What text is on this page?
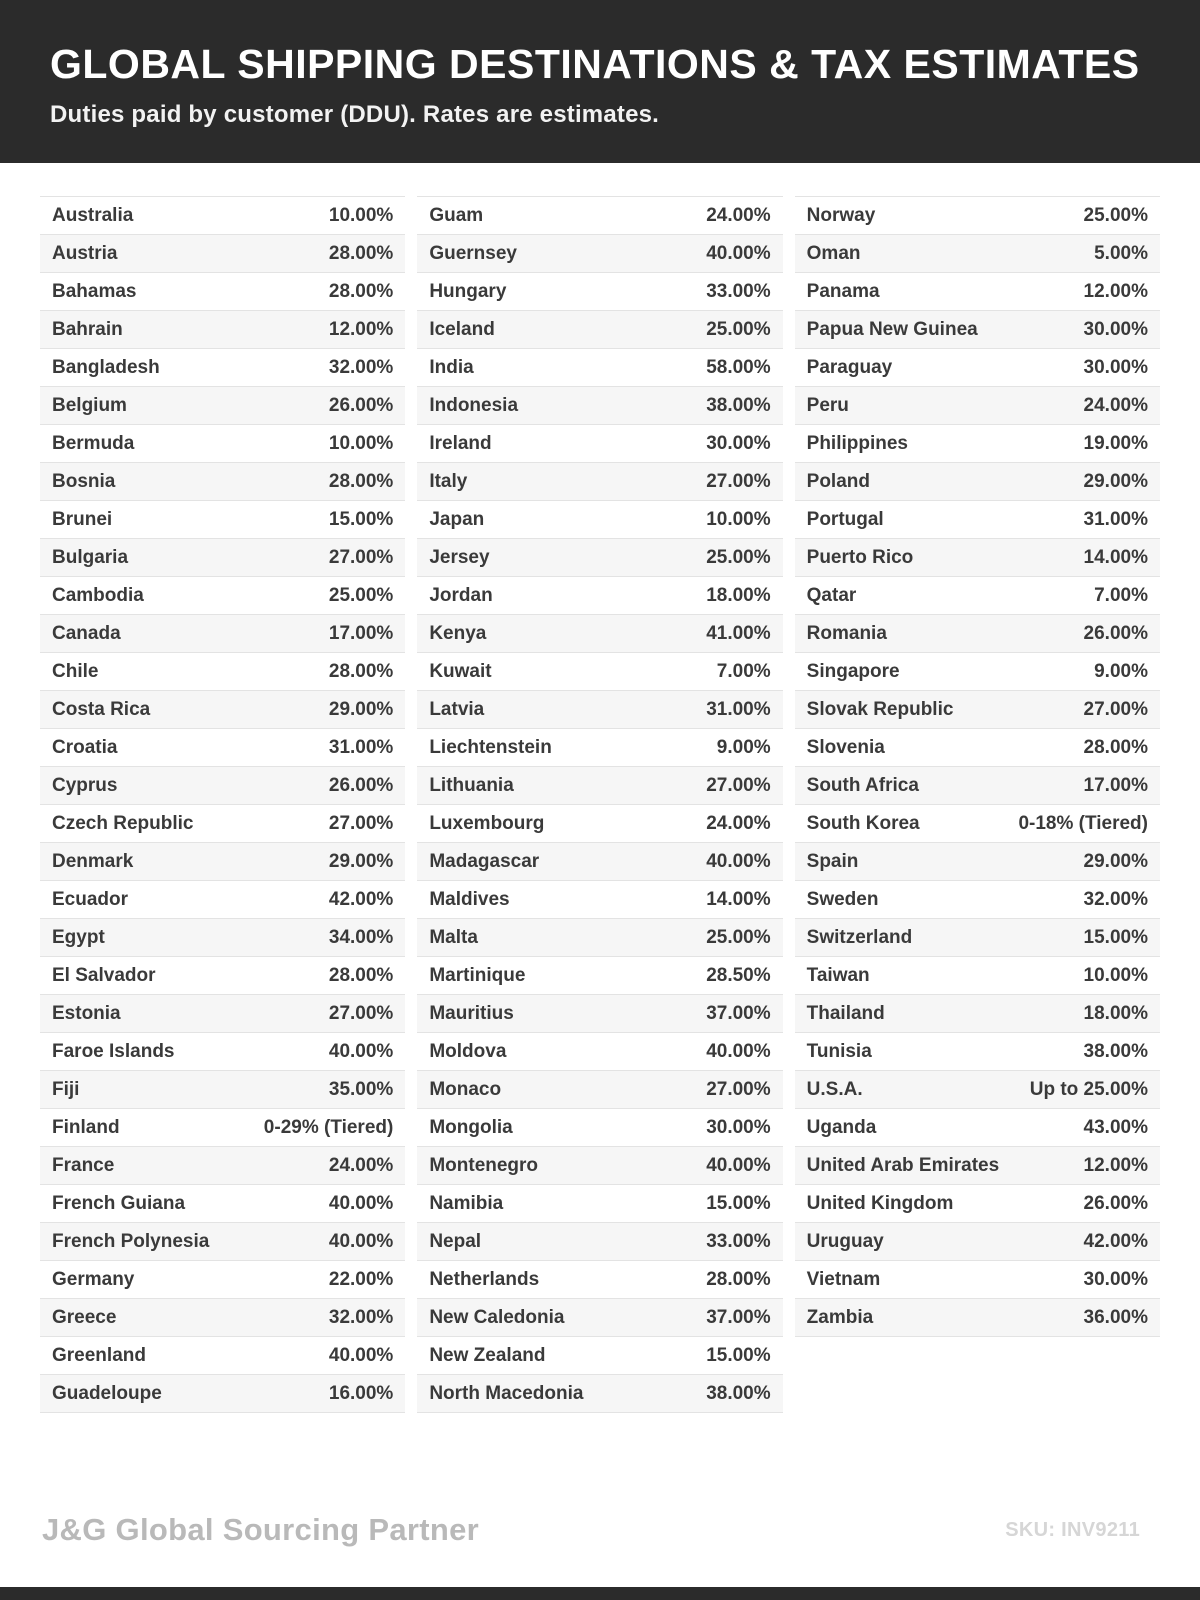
GLOBAL SHIPPING DESTINATIONS & TAX ESTIMATES
Duties paid by customer (DDU). Rates are estimates.
Australia	10.00%
Austria	28.00%
Bahamas	28.00%
Bahrain	12.00%
Bangladesh	32.00%
Belgium	26.00%
Bermuda	10.00%
Bosnia	28.00%
Brunei	15.00%
Bulgaria	27.00%
Cambodia	25.00%
Canada	17.00%
Chile	28.00%
Costa Rica	29.00%
Croatia	31.00%
Cyprus	26.00%
Czech Republic	27.00%
Denmark	29.00%
Ecuador	42.00%
Egypt	34.00%
El Salvador	28.00%
Estonia	27.00%
Faroe Islands	40.00%
Fiji	35.00%
Finland	0-29% (Tiered)
France	24.00%
French Guiana	40.00%
French Polynesia	40.00%
Germany	22.00%
Greece	32.00%
Greenland	40.00%
Guadeloupe	16.00%
Guam	24.00%
Guernsey	40.00%
Hungary	33.00%
Iceland	25.00%
India	58.00%
Indonesia	38.00%
Ireland	30.00%
Italy	27.00%
Japan	10.00%
Jersey	25.00%
Jordan	18.00%
Kenya	41.00%
Kuwait	7.00%
Latvia	31.00%
Liechtenstein	9.00%
Lithuania	27.00%
Luxembourg	24.00%
Madagascar	40.00%
Maldives	14.00%
Malta	25.00%
Martinique	28.50%
Mauritius	37.00%
Moldova	40.00%
Monaco	27.00%
Mongolia	30.00%
Montenegro	40.00%
Namibia	15.00%
Nepal	33.00%
Netherlands	28.00%
New Caledonia	37.00%
New Zealand	15.00%
North Macedonia	38.00%
Norway	25.00%
Oman	5.00%
Panama	12.00%
Papua New Guinea	30.00%
Paraguay	30.00%
Peru	24.00%
Philippines	19.00%
Poland	29.00%
Portugal	31.00%
Puerto Rico	14.00%
Qatar	7.00%
Romania	26.00%
Singapore	9.00%
Slovak Republic	27.00%
Slovenia	28.00%
South Africa	17.00%
South Korea	0-18% (Tiered)
Spain	29.00%
Sweden	32.00%
Switzerland	15.00%
Taiwan	10.00%
Thailand	18.00%
Tunisia	38.00%
U.S.A.	Up to 25.00%
Uganda	43.00%
United Arab Emirates	12.00%
United Kingdom	26.00%
Uruguay	42.00%
Vietnam	30.00%
Zambia	36.00%
J&G Global Sourcing Partner	SKU: INV9211
